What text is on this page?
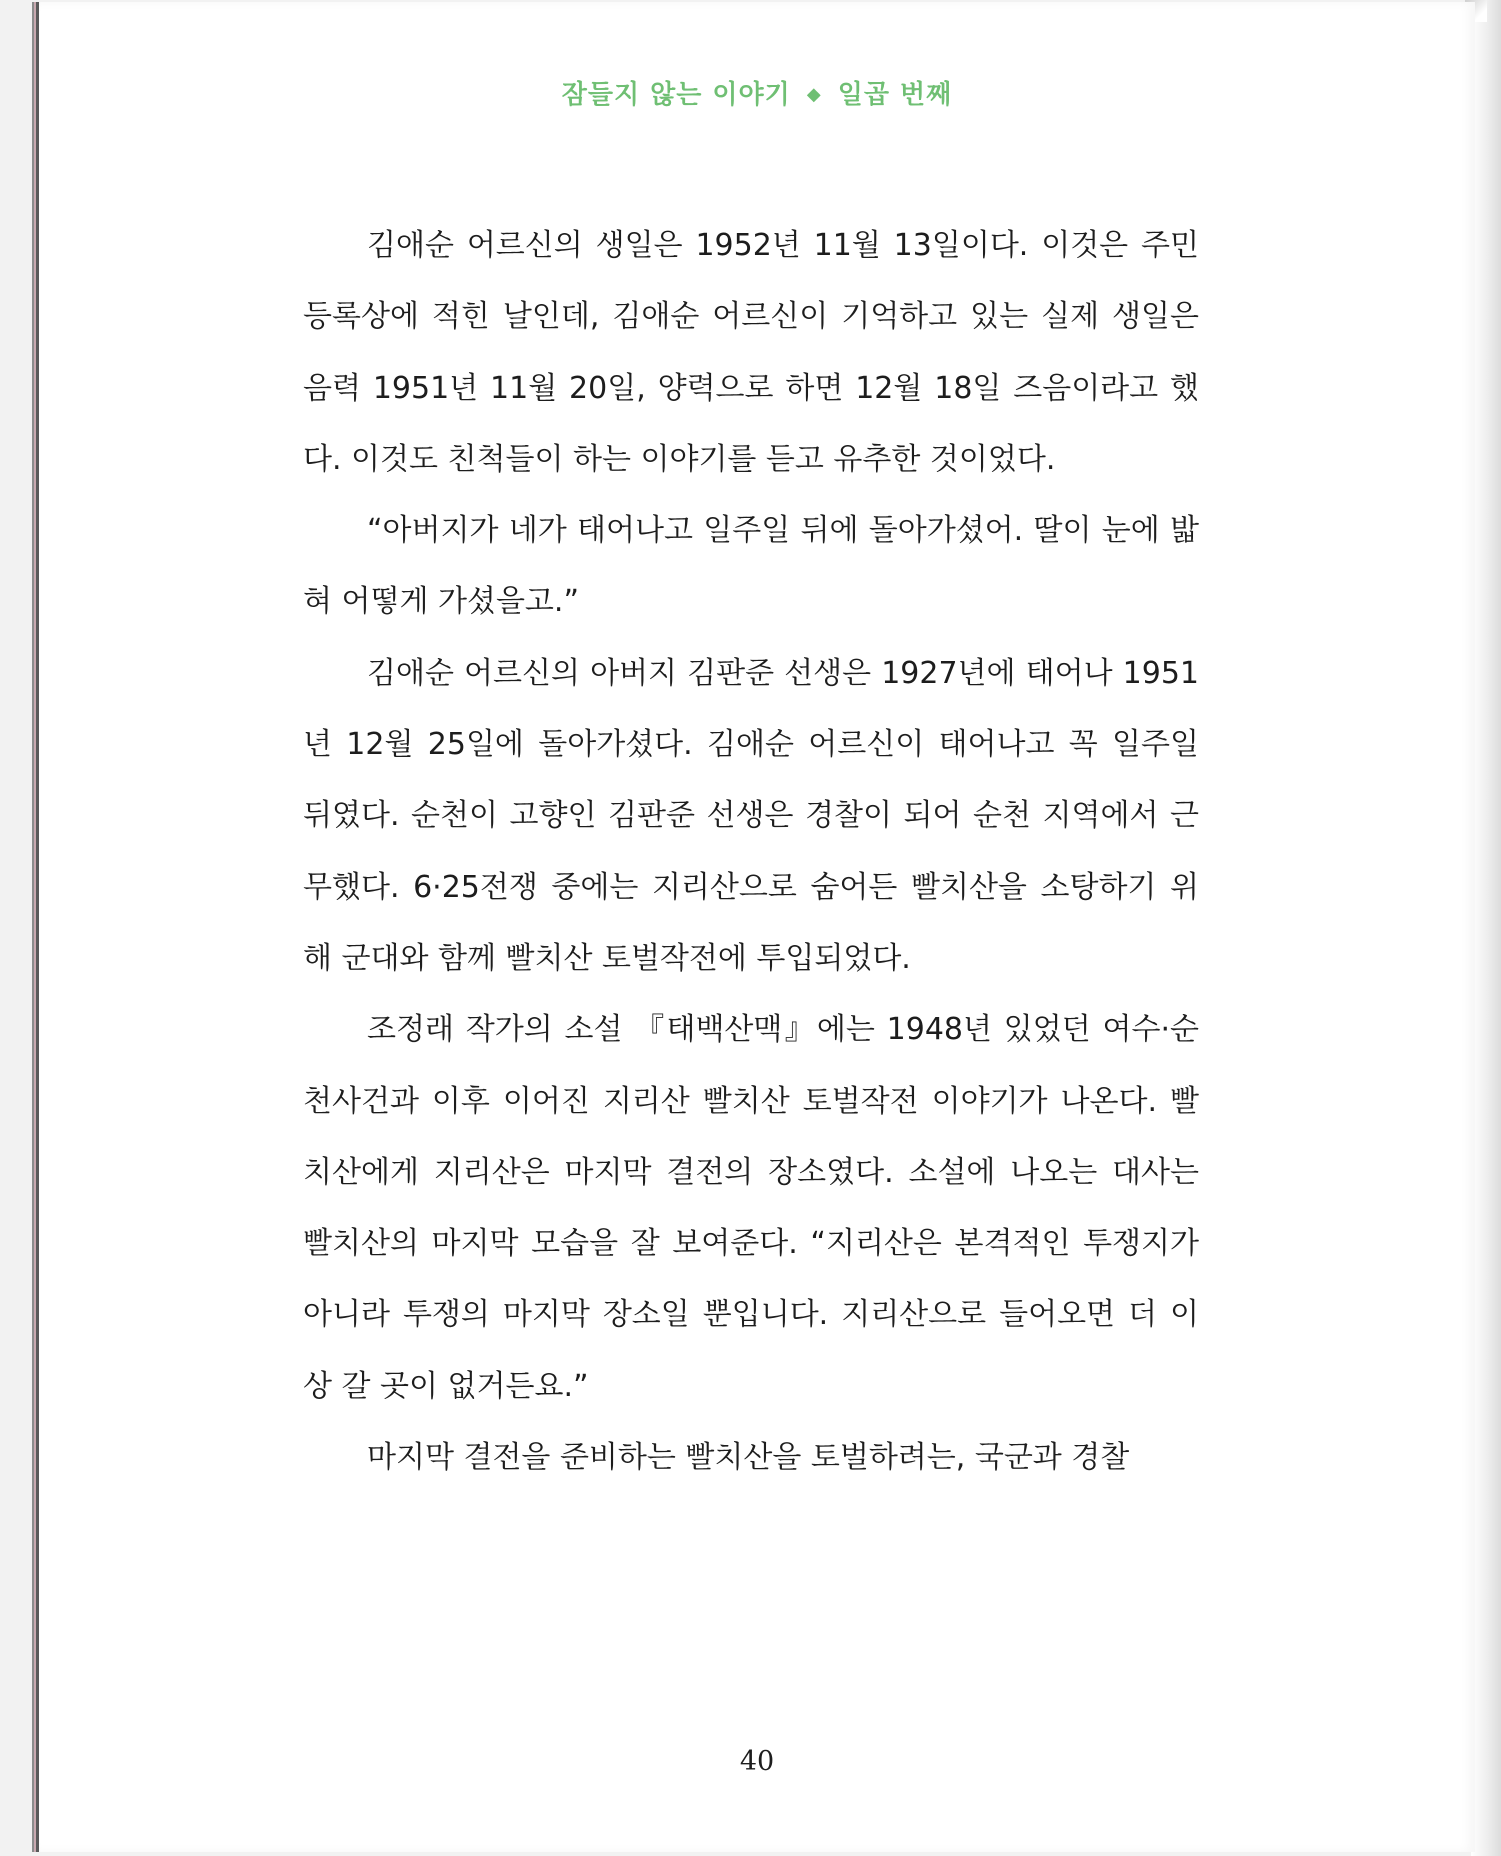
잠들지 않는 이야기 ◆ 일곱 번째

김애순 어르신의 생일은 1952년 11월 13일이다. 이것은 주민등록상에 적힌 날인데, 김애순 어르신이 기억하고 있는 실제 생일은 음력 1951년 11월 20일, 양력으로 하면 12월 18일 즈음이라고 했다. 이것도 친척들이 하는 이야기를 듣고 유추한 것이었다.

“아버지가 네가 태어나고 일주일 뒤에 돌아가셨어. 딸이 눈에 밟혀 어떻게 가셨을고.”

김애순 어르신의 아버지 김판준 선생은 1927년에 태어나 1951년 12월 25일에 돌아가셨다. 김애순 어르신이 태어나고 꼭 일주일 뒤였다. 순천이 고향인 김판준 선생은 경찰이 되어 순천 지역에서 근무했다. 6·25전쟁 중에는 지리산으로 숨어든 빨치산을 소탕하기 위해 군대와 함께 빨치산 토벌작전에 투입되었다.

조정래 작가의 소설 『태백산맥』에는 1948년 있었던 여수·순천사건과 이후 이어진 지리산 빨치산 토벌작전 이야기가 나온다. 빨치산에게 지리산은 마지막 결전의 장소였다. 소설에 나오는 대사는 빨치산의 마지막 모습을 잘 보여준다. “지리산은 본격적인 투쟁지가 아니라 투쟁의 마지막 장소일 뿐입니다. 지리산으로 들어오면 더 이상 갈 곳이 없거든요.”

마지막 결전을 준비하는 빨치산을 토벌하려는, 국군과 경찰

40
